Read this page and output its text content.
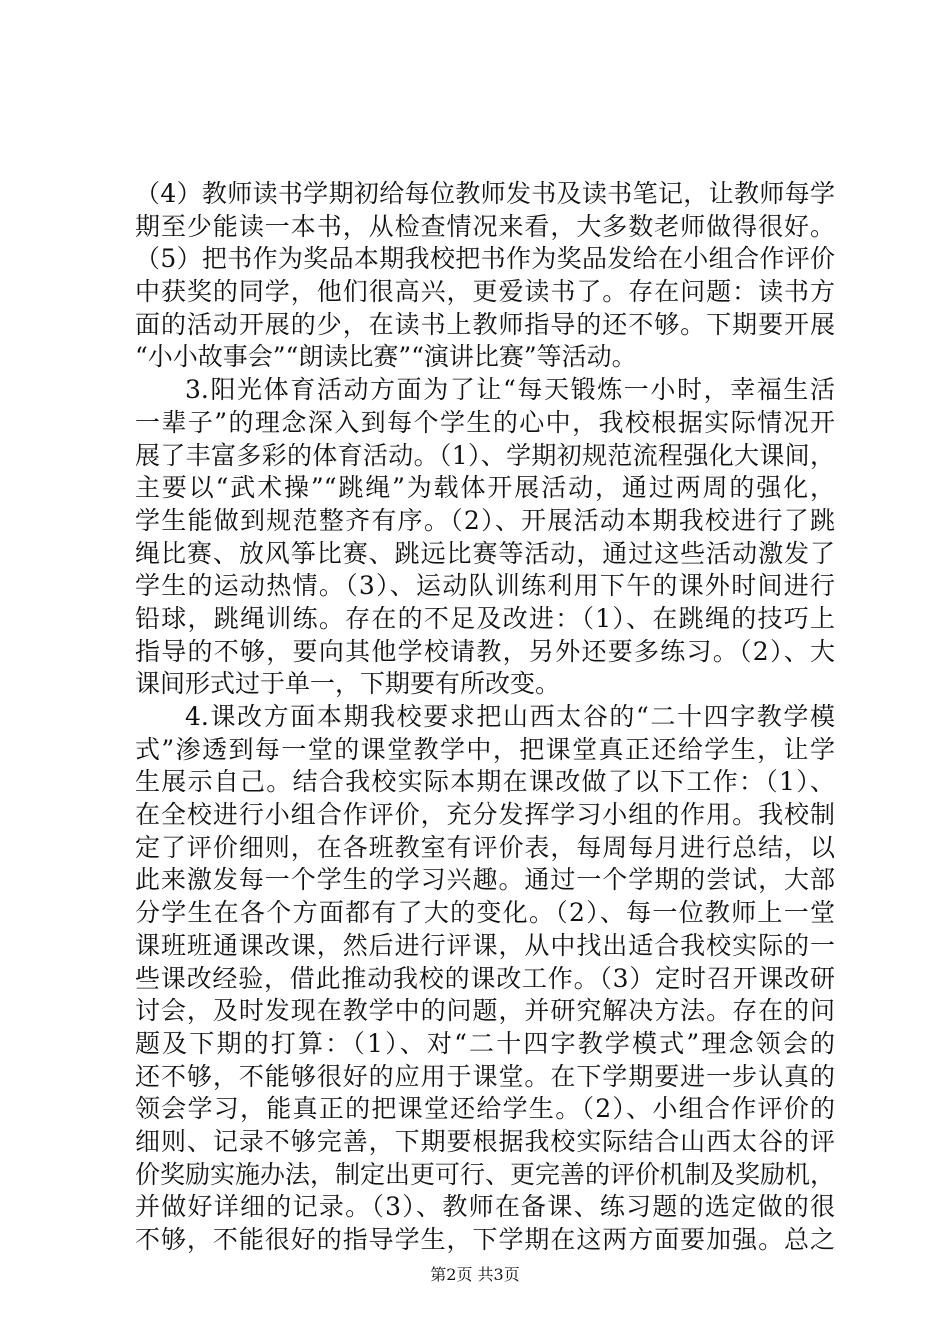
（4）教师读书学期初给每位教师发书及读书笔记，让教师每学
期至少能读一本书，从检查情况来看，大多数老师做得很好。
（5）把书作为奖品本期我校把书作为奖品发给在小组合作评价
中获奖的同学，他们很高兴，更爱读书了。存在问题：读书方
面的活动开展的少，在读书上教师指导的还不够。下期要开展
“小小故事会”“朗读比赛”“演讲比赛”等活动。
3.阳光体育活动方面为了让“每天锻炼一小时，幸福生活
一辈子”的理念深入到每个学生的心中，我校根据实际情况开
展了丰富多彩的体育活动。（1）、学期初规范流程强化大课间，
主要以“武术操”“跳绳”为载体开展活动，通过两周的强化，
学生能做到规范整齐有序。（2）、开展活动本期我校进行了跳
绳比赛、放风筝比赛、跳远比赛等活动，通过这些活动激发了
学生的运动热情。（3）、运动队训练利用下午的课外时间进行
铅球，跳绳训练。存在的不足及改进：（1）、在跳绳的技巧上
指导的不够，要向其他学校请教，另外还要多练习。（2）、大
课间形式过于单一，下期要有所改变。
4.课改方面本期我校要求把山西太谷的“二十四字教学模
式”渗透到每一堂的课堂教学中，把课堂真正还给学生，让学
生展示自己。结合我校实际本期在课改做了以下工作：（1）、
在全校进行小组合作评价，充分发挥学习小组的作用。我校制
定了评价细则，在各班教室有评价表，每周每月进行总结，以
此来激发每一个学生的学习兴趣。通过一个学期的尝试，大部
分学生在各个方面都有了大的变化。（2）、每一位教师上一堂
课班班通课改课，然后进行评课，从中找出适合我校实际的一
些课改经验，借此推动我校的课改工作。（3）定时召开课改研
讨会，及时发现在教学中的问题，并研究解决方法。存在的问
题及下期的打算：（1）、对“二十四字教学模式”理念领会的
还不够，不能够很好的应用于课堂。在下学期要进一步认真的
领会学习，能真正的把课堂还给学生。（2）、小组合作评价的
细则、记录不够完善，下期要根据我校实际结合山西太谷的评
价奖励实施办法，制定出更可行、更完善的评价机制及奖励机，
并做好详细的记录。（3）、教师在备课、练习题的选定做的很
不够，不能很好的指导学生，下学期在这两方面要加强。总之
第2页 共3页
